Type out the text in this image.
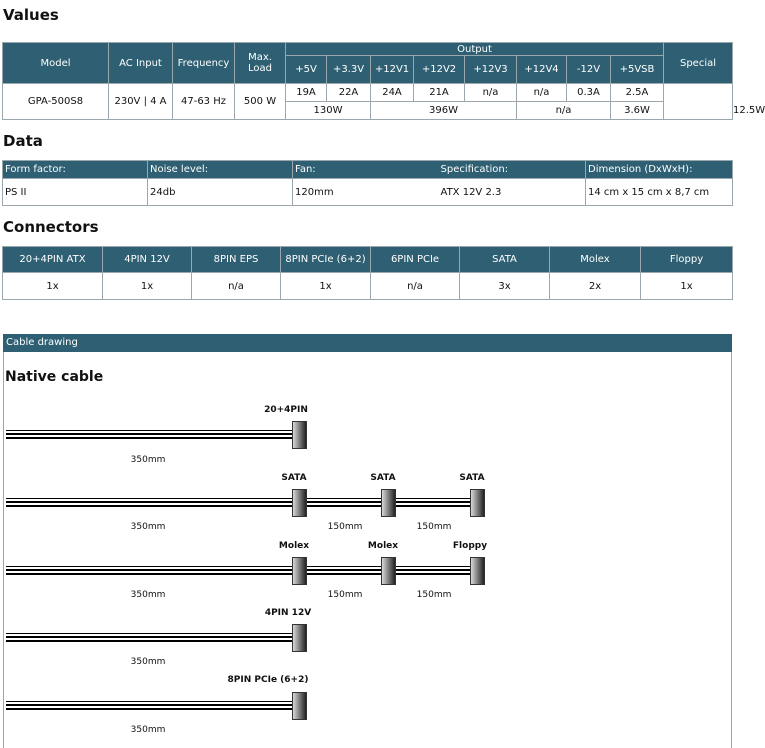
Values
Model	AC Input	Frequency	Max. Load	Output								Special	
				+5V	+3.3V	+12V1	+12V2	+12V3	+12V4	-12V	+5VSB		
GPA-500S8	230V | 4 A	47-63 Hz	500 W	19A	22A	24A	21A	n/a	n/a	0.3A	2.5A		
				130W		396W			n/a		3.6W		12.5W
Data
Form factor:	Noise level:	Fan:	Specification:	Dimension (DxWxH):
PS II	24db	120mm	ATX 12V 2.3	14 cm x 15 cm x 8,7 cm
Connectors
20+4PIN ATX	4PIN 12V	8PIN EPS	8PIN PCIe (6+2)	6PIN PCIe	SATA	Molex	Floppy
1x	1x	n/a	1x	n/a	3x	2x	1x
Cable drawing
Native cable
20+4PIN
350mm
SATA	SATA	SATA
350mm	150mm	150mm
Molex	Molex	Floppy
350mm	150mm	150mm
4PIN 12V
350mm
8PIN PCIe (6+2)
350mm
